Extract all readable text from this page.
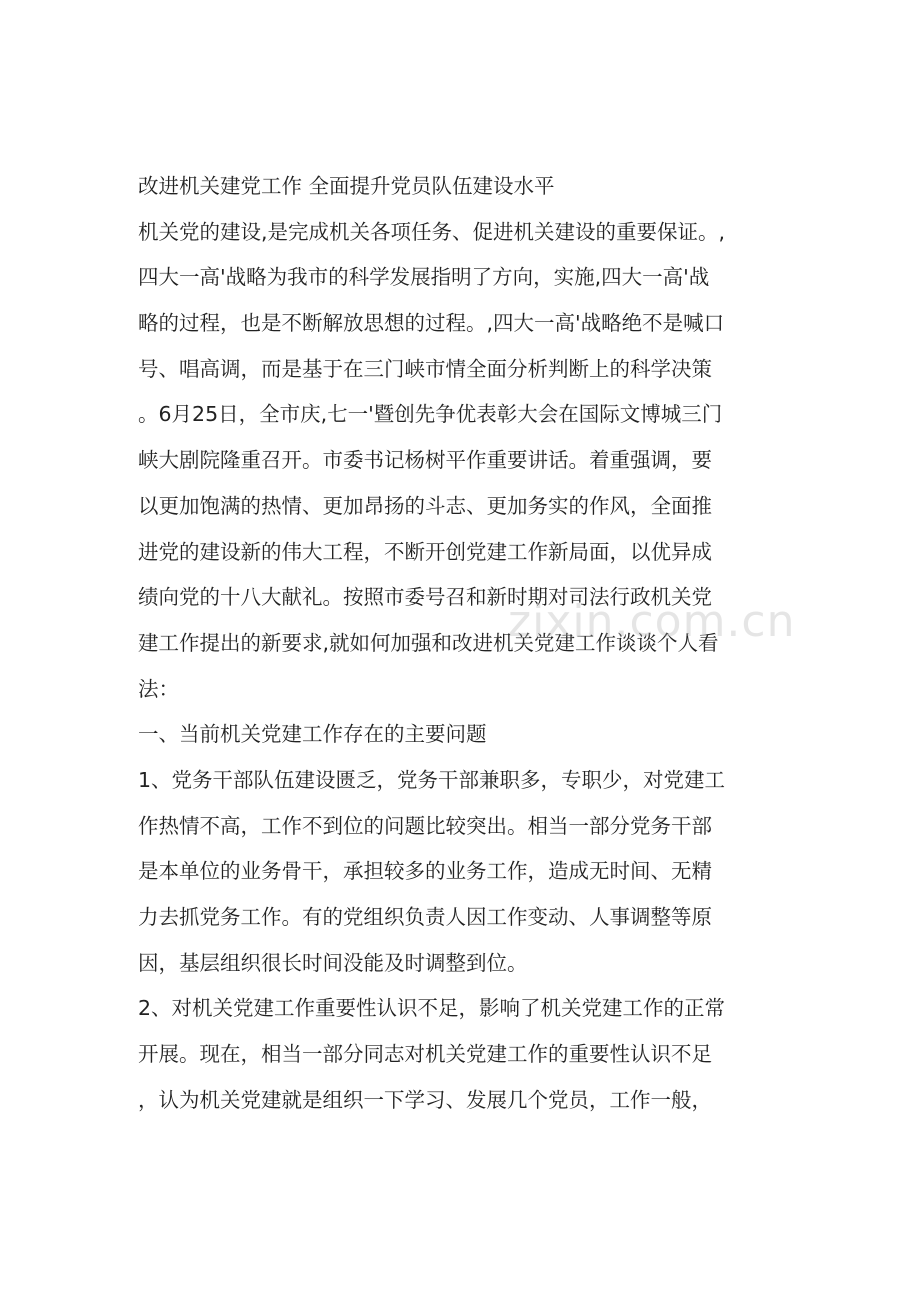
改进机关建党工作 全面提升党员队伍建设水平
机关党的建设,是完成机关各项任务、促进机关建设的重要保证。,
四大一高'战略为我市的科学发展指明了方向，实施,四大一高'战
略的过程，也是不断解放思想的过程。,四大一高'战略绝不是喊口
号、唱高调，而是基于在三门峡市情全面分析判断上的科学决策
。6月25日，全市庆,七一'暨创先争优表彰大会在国际文博城三门
峡大剧院隆重召开。市委书记杨树平作重要讲话。着重强调，要
以更加饱满的热情、更加昂扬的斗志、更加务实的作风，全面推
进党的建设新的伟大工程，不断开创党建工作新局面，以优异成
绩向党的十八大献礼。按照市委号召和新时期对司法行政机关党
建工作提出的新要求,就如何加强和改进机关党建工作谈谈个人看
法：
一、当前机关党建工作存在的主要问题
1、党务干部队伍建设匮乏，党务干部兼职多，专职少，对党建工
作热情不高，工作不到位的问题比较突出。相当一部分党务干部
是本单位的业务骨干，承担较多的业务工作，造成无时间、无精
力去抓党务工作。有的党组织负责人因工作变动、人事调整等原
因，基层组织很长时间没能及时调整到位。
2、对机关党建工作重要性认识不足，影响了机关党建工作的正常
开展。现在，相当一部分同志对机关党建工作的重要性认识不足
，认为机关党建就是组织一下学习、发展几个党员，工作一般，
zixin.com.cn
